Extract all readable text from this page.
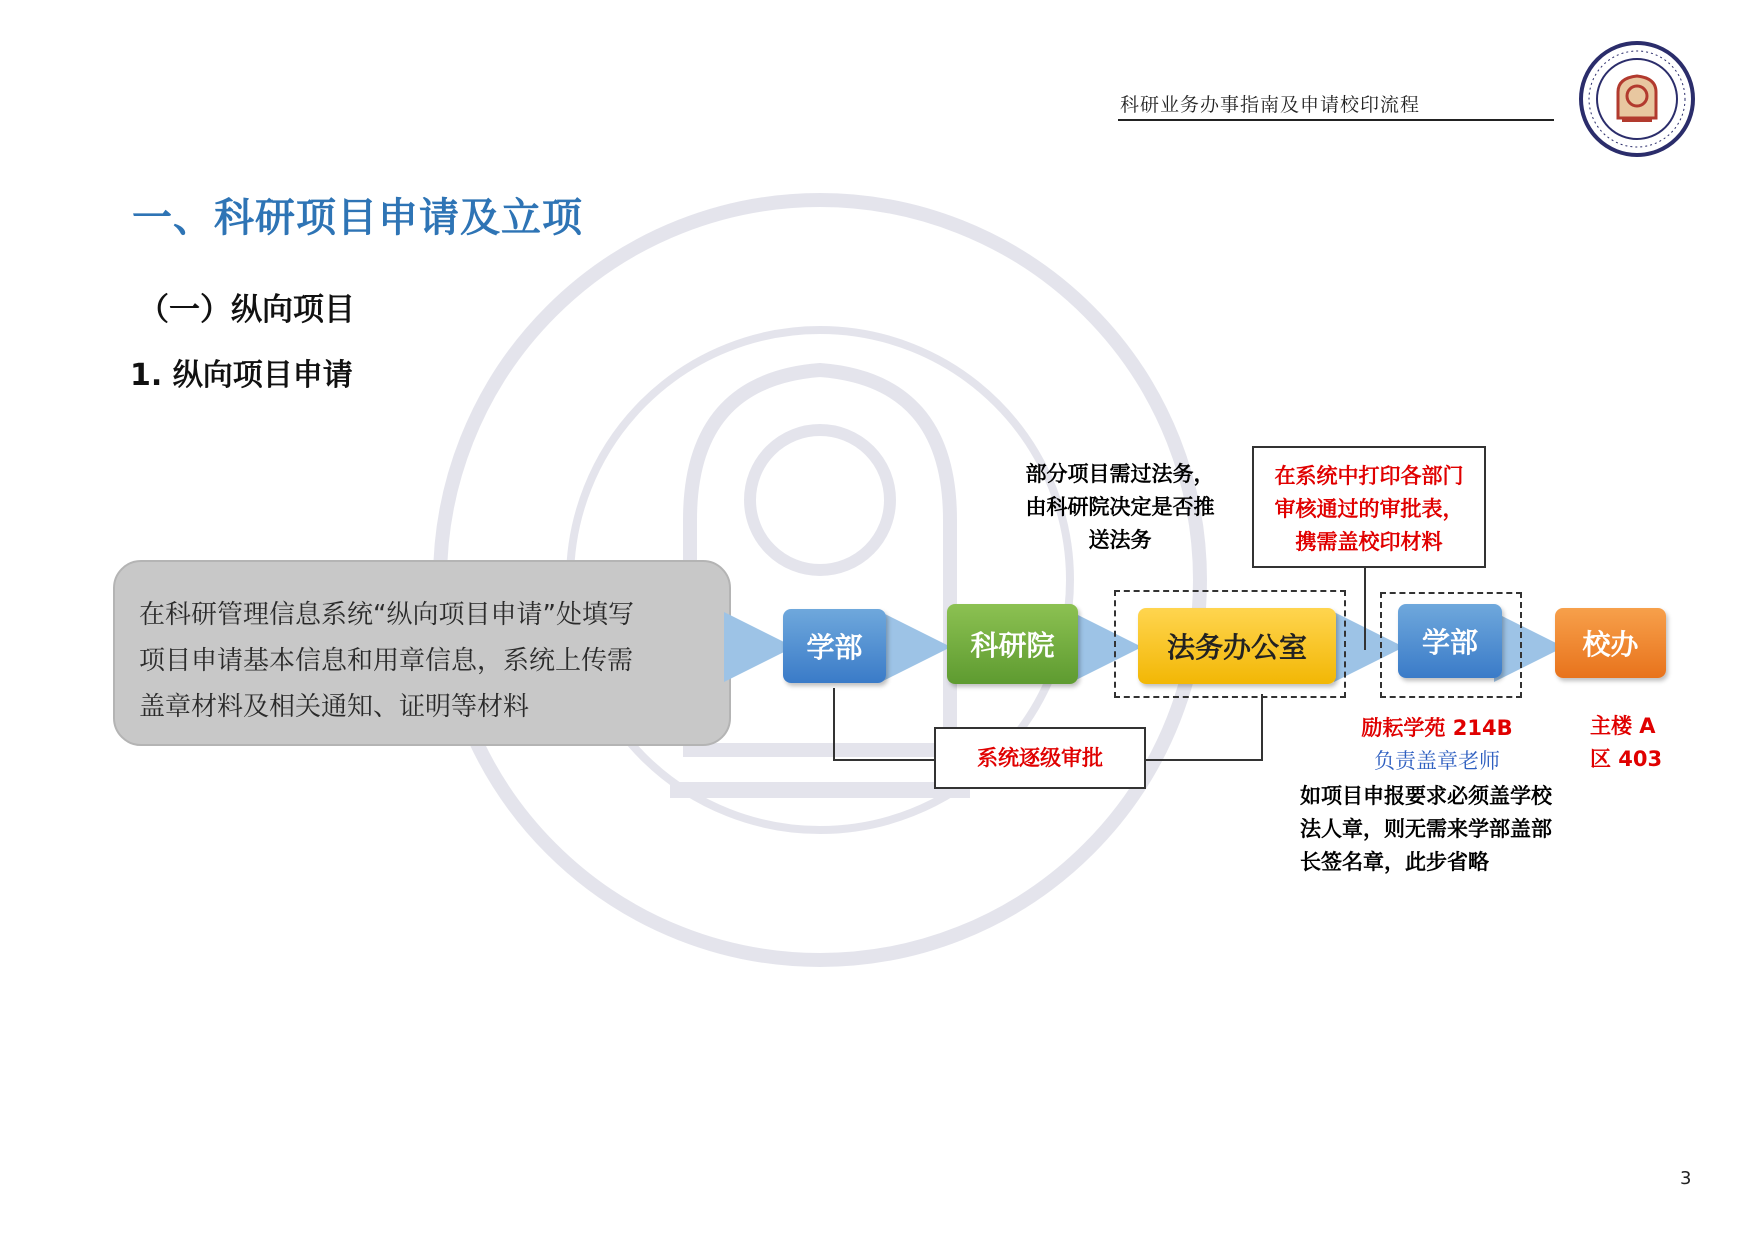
科研业务办事指南及申请校印流程
一、科研项目申请及立项
（一）纵向项目
1. 纵向项目申请
在科研管理信息系统“纵向项目申请”处填写
项目申请基本信息和用章信息，系统上传需
盖章材料及相关通知、证明等材料
学部	科研院	法务办公室	学部	校办
部分项目需过法务，
由科研院决定是否推
送法务
在系统中打印各部门
审核通过的审批表，
携需盖校印材料
系统逐级审批
励耘学苑 214B
负责盖章老师
主楼 A
区 403
如项目申报要求必须盖学校
法人章，则无需来学部盖部
长签名章，此步省略
3
